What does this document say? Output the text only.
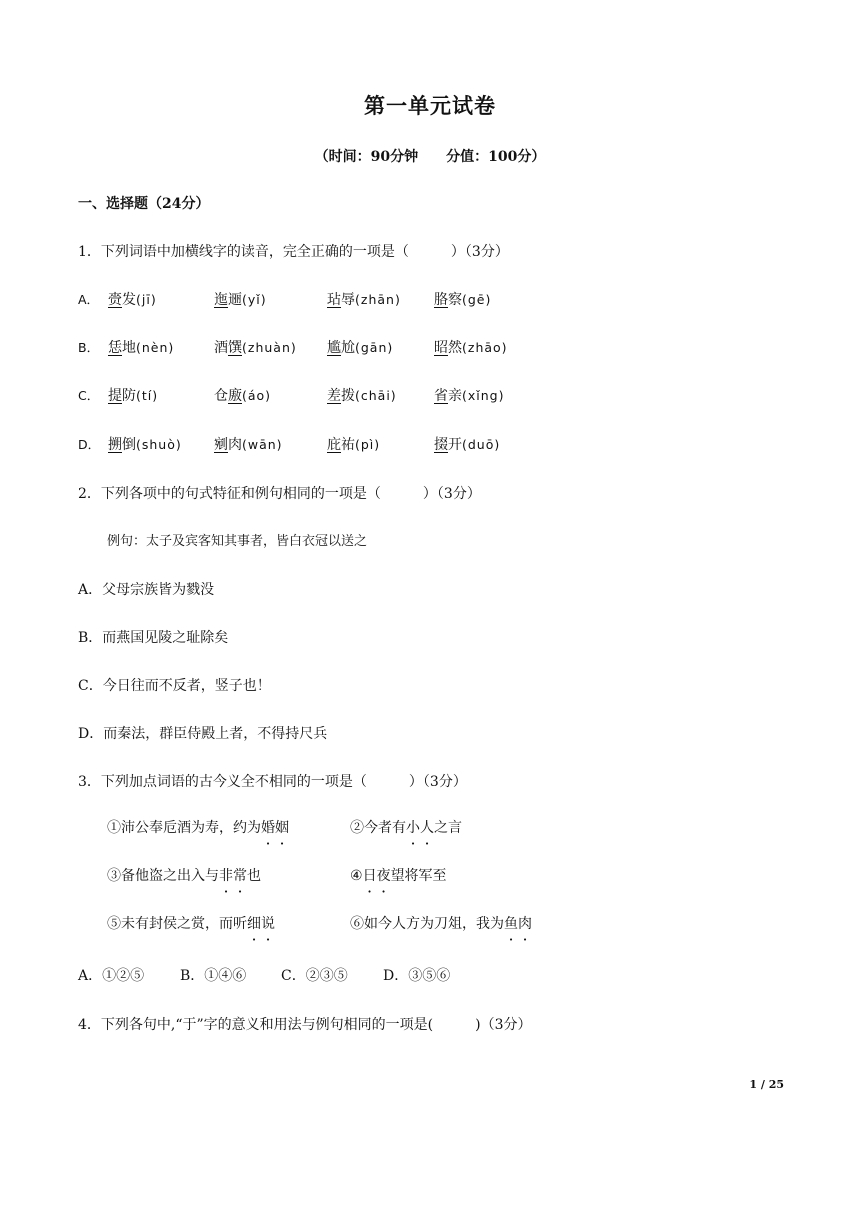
第一单元试卷
（时间：90分钟 分值：100分）
一、选择题（24分）
1．下列词语中加横线字的读音，完全正确的一项是（　　　）（3分）
A． 赍发(jī)	迤逦(yǐ)	玷辱(zhān) 胳察(gē)
B． 恁地(nèn)	酒馔(zhuàn) 尴尬(gān)	昭然(zhāo)
C． 提防(tí)	仓廒(áo)	差拨(chāi)	省亲(xǐng)
D． 搠倒(shuò) 剜肉(wān)	庇祐(pì)	掇开(duō)
2．下列各项中的句式特征和例句相同的一项是（　　　）（3分）
例句：太子及宾客知其事者，皆白衣冠以送之
A．父母宗族皆为戮没
B．而燕国见陵之耻除矣
C．今日往而不反者，竖子也！
D．而秦法，群臣侍殿上者，不得持尺兵
3．下列加点词语的古今义全不相同的一项是（　　　）（3分）
①沛公奉卮酒为寿，约为婚姻	②今者有小人之言
③备他盗之出入与非常也	④日夜望将军至
⑤未有封侯之赏，而听细说	⑥如今人方为刀俎，我为鱼肉
A．①②⑤	B．①④⑥ C．②③⑤	D．③⑤⑥
4．下列各句中,“于”字的意义和用法与例句相同的一项是(　　　)（3分）
1 / 25
